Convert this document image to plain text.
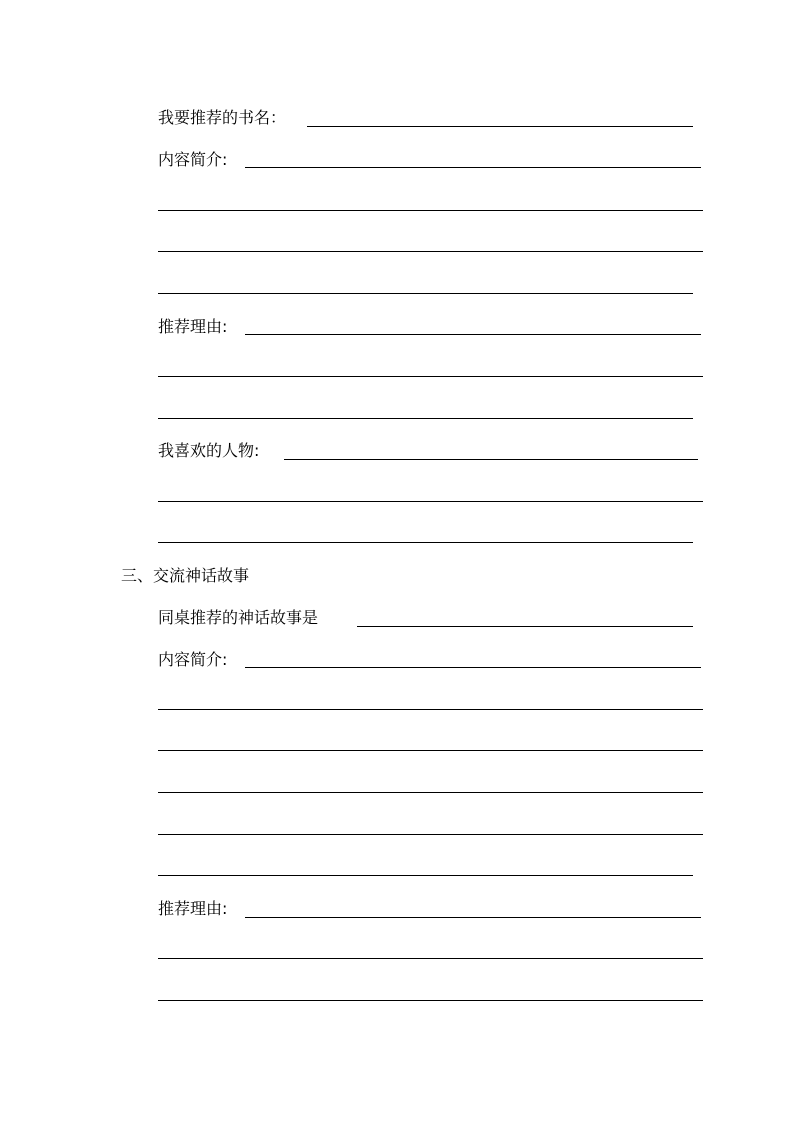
我要推荐的书名：
内容简介:
推荐理由:
我喜欢的人物:
三、交流神话故事
同桌推荐的神话故事是
内容简介:
推荐理由:
